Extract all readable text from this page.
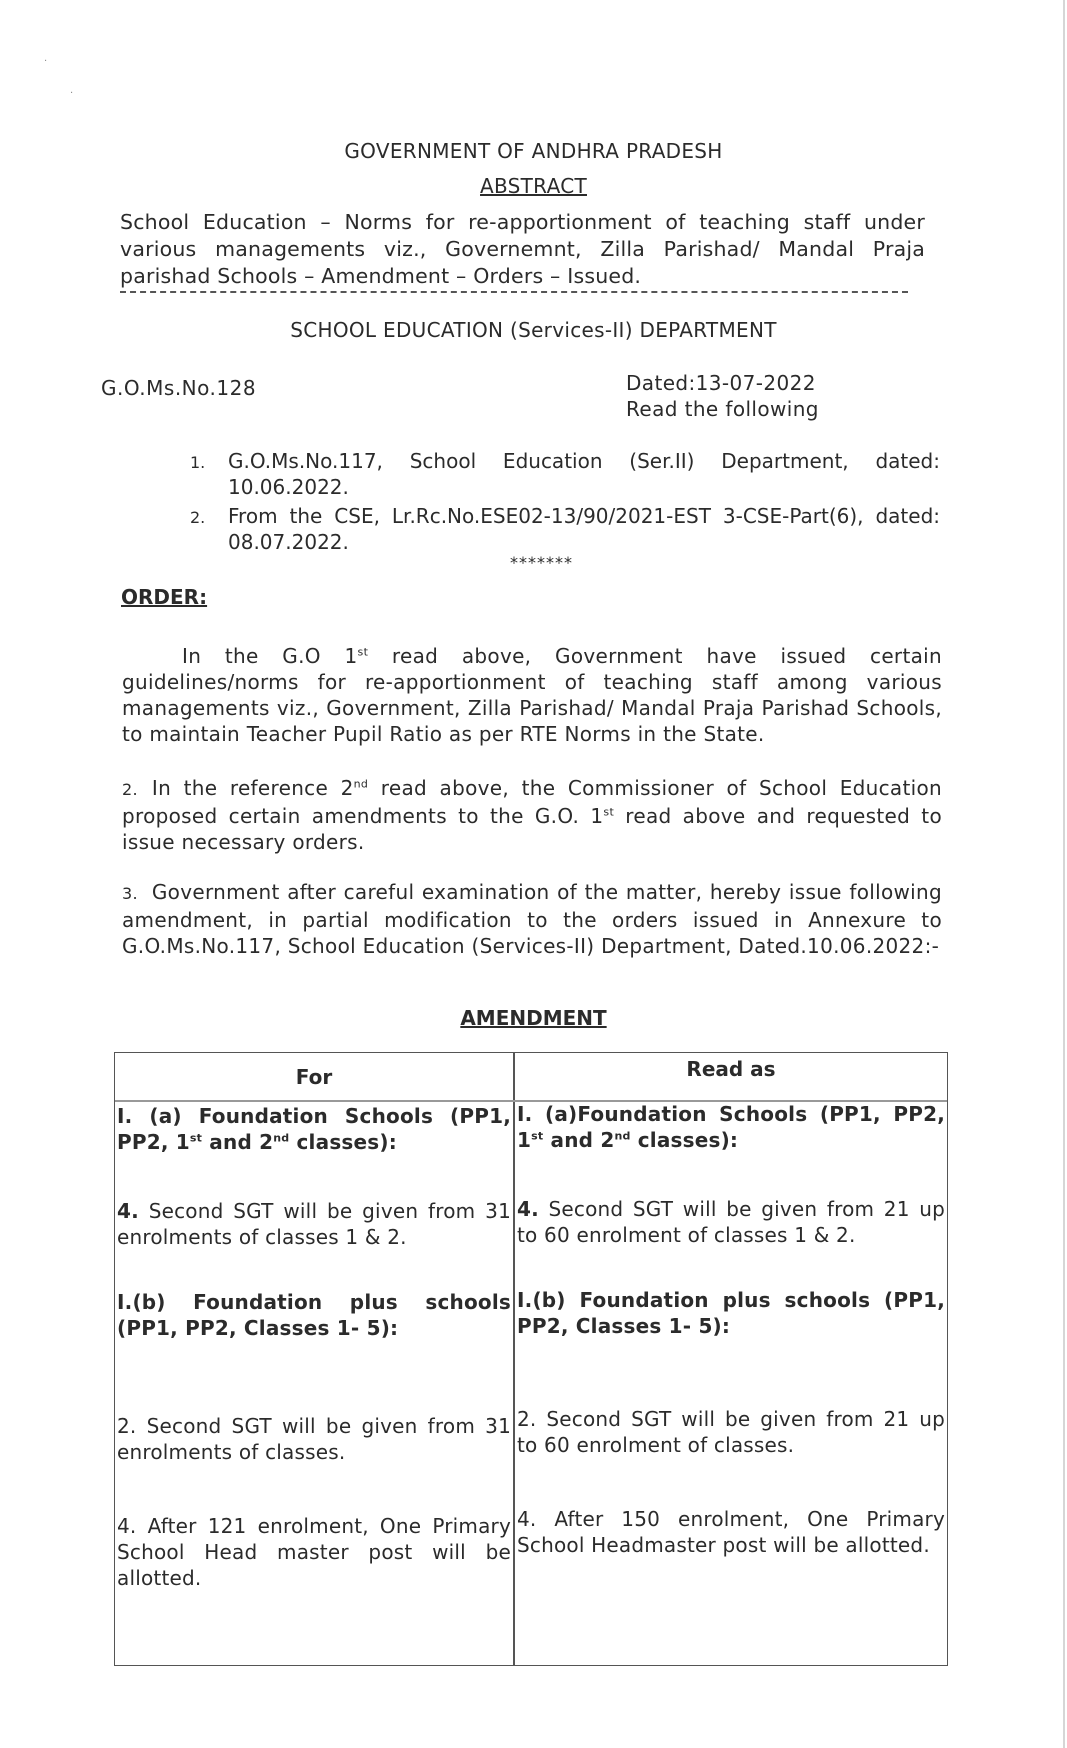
·
·
GOVERNMENT OF ANDHRA PRADESH
ABSTRACT
School Education – Norms for re-apportionment of teaching staff under various managements viz., Governemnt, Zilla Parishad/ Mandal Praja parishad Schools – Amendment – Orders – Issued.
SCHOOL EDUCATION (Services-II) DEPARTMENT
G.O.Ms.No.128	Dated:13-07-2022
Read the following
1. G.O.Ms.No.117, School Education (Ser.II) Department, dated: 10.06.2022.
2. From the CSE, Lr.Rc.No.ESE02-13/90/2021-EST 3-CSE-Part(6), dated: 08.07.2022.
*******
ORDER:
In the G.O 1st read above, Government have issued certain guidelines/norms for re-apportionment of teaching staff among various managements viz., Government, Zilla Parishad/ Mandal Praja Parishad Schools, to maintain Teacher Pupil Ratio as per RTE Norms in the State.
2. In the reference 2nd read above, the Commissioner of School Education proposed certain amendments to the G.O. 1st read above and requested to issue necessary orders.
3. Government after careful examination of the matter, hereby issue following amendment, in partial modification to the orders issued in Annexure to G.O.Ms.No.117, School Education (Services-II) Department, Dated.10.06.2022:-
AMENDMENT
For	Read as
I. (a) Foundation Schools (PP1, PP2, 1st and 2nd classes):
4. Second SGT will be given from 31 enrolments of classes 1 & 2.
I.(b) Foundation plus schools (PP1, PP2, Classes 1- 5):
2. Second SGT will be given from 31 enrolments of classes.
4. After 121 enrolment, One Primary School Head master post will be allotted.
I. (a)Foundation Schools (PP1, PP2, 1st and 2nd classes):
4. Second SGT will be given from 21 up to 60 enrolment of classes 1 & 2.
I.(b) Foundation plus schools (PP1, PP2, Classes 1- 5):
2. Second SGT will be given from 21 up to 60 enrolment of classes.
4. After 150 enrolment, One Primary School Headmaster post will be allotted.
